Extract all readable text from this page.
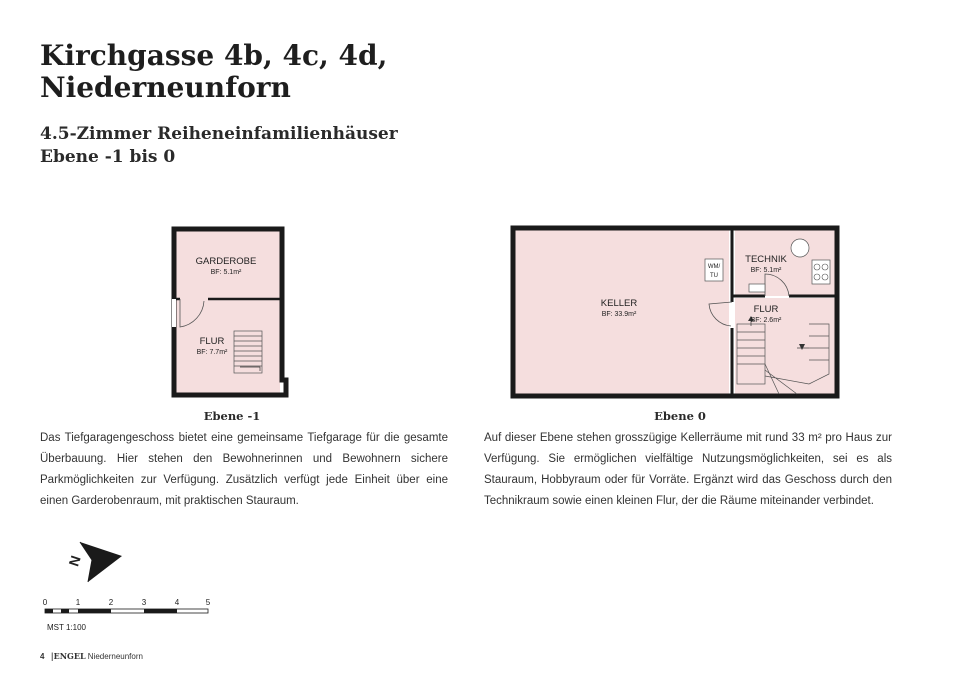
Kirchgasse 4b, 4c, 4d,
Niederneunforn
4.5-Zimmer Reiheneinfamilienhäuser
Ebene -1 bis 0
GARDEROBE
BF: 5.1m²
FLUR
BF: 7.7m²
WM/
TU
KELLER
BF: 33.9m²
TECHNIK
BF: 5.1m²
FLUR
BF: 2.6m²
Ebene -1	Ebene 0
Das Tiefgaragengeschoss bietet eine gemeinsame Tiefgarage für die gesamte Überbauung. Hier stehen den Bewohnerinnen und Bewohnern sichere Parkmöglichkeiten zur Verfügung. Zusätzlich verfügt jede Einheit über eine einen Garderobenraum, mit praktischen Stauraum.
Auf dieser Ebene stehen grosszügige Kellerräume mit rund 33 m² pro Haus zur Verfügung. Sie ermöglichen vielfältige Nutzungsmöglichkeiten, sei es als Stauraum, Hobbyraum oder für Vorräte. Ergänzt wird das Geschoss durch den Technikraum sowie einen kleinen Flur, der die Räume miteinander verbindet.
N
0	1	2	3	4	5
MST 1:100
4 |ENGEL Niederneunforn
